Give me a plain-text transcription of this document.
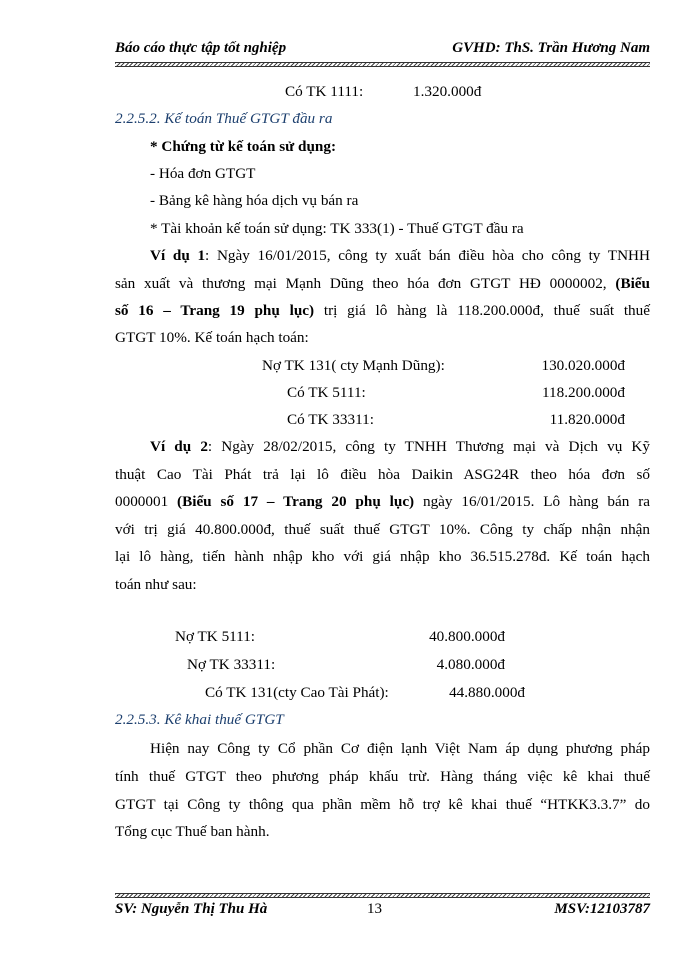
Báo cáo thực tập tốt nghiệp	GVHD: ThS. Trần Hương Nam
Có TK 1111:	1.320.000đ
2.2.5.2. Kế toán Thuế GTGT đầu ra
* Chứng từ kế toán sử dụng:
- Hóa đơn GTGT
- Bảng kê hàng hóa dịch vụ bán ra
* Tài khoản kế toán sử dụng: TK 333(1) - Thuế GTGT đầu ra
Ví dụ 1: Ngày 16/01/2015, công ty xuất bán điều hòa cho công ty TNHH
sản xuất và thương mại Mạnh Dũng theo hóa đơn GTGT HĐ 0000002, (Biểu
số 16 – Trang 19 phụ lục) trị giá lô hàng là 118.200.000đ, thuế suất thuế
GTGT 10%. Kế toán hạch toán:
Nợ TK 131( cty Mạnh Dũng):	130.020.000đ
Có TK 5111:	118.200.000đ
Có TK 33311:	11.820.000đ
Ví dụ 2: Ngày 28/02/2015, công ty TNHH Thương mại và Dịch vụ Kỹ
thuật Cao Tài Phát trả lại lô điều hòa Daikin ASG24R theo hóa đơn số
0000001 (Biểu số 17 – Trang 20 phụ lục) ngày 16/01/2015. Lô hàng bán ra
với trị giá 40.800.000đ, thuế suất thuế GTGT 10%. Công ty chấp nhận nhận
lại lô hàng, tiến hành nhập kho với giá nhập kho 36.515.278đ. Kế toán hạch
toán như sau:
Nợ TK 5111:	40.800.000đ
Nợ TK 33311:	4.080.000đ
Có TK 131(cty Cao Tài Phát):	44.880.000đ
2.2.5.3. Kê khai thuế GTGT
Hiện nay Công ty Cổ phần Cơ điện lạnh Việt Nam áp dụng phương pháp
tính thuế GTGT theo phương pháp khấu trừ. Hàng tháng việc kê khai thuế
GTGT tại Công ty thông qua phần mềm hỗ trợ kê khai thuế “HTKK3.3.7” do
Tổng cục Thuế ban hành.
SV: Nguyễn Thị Thu Hà	13	MSV:12103787
